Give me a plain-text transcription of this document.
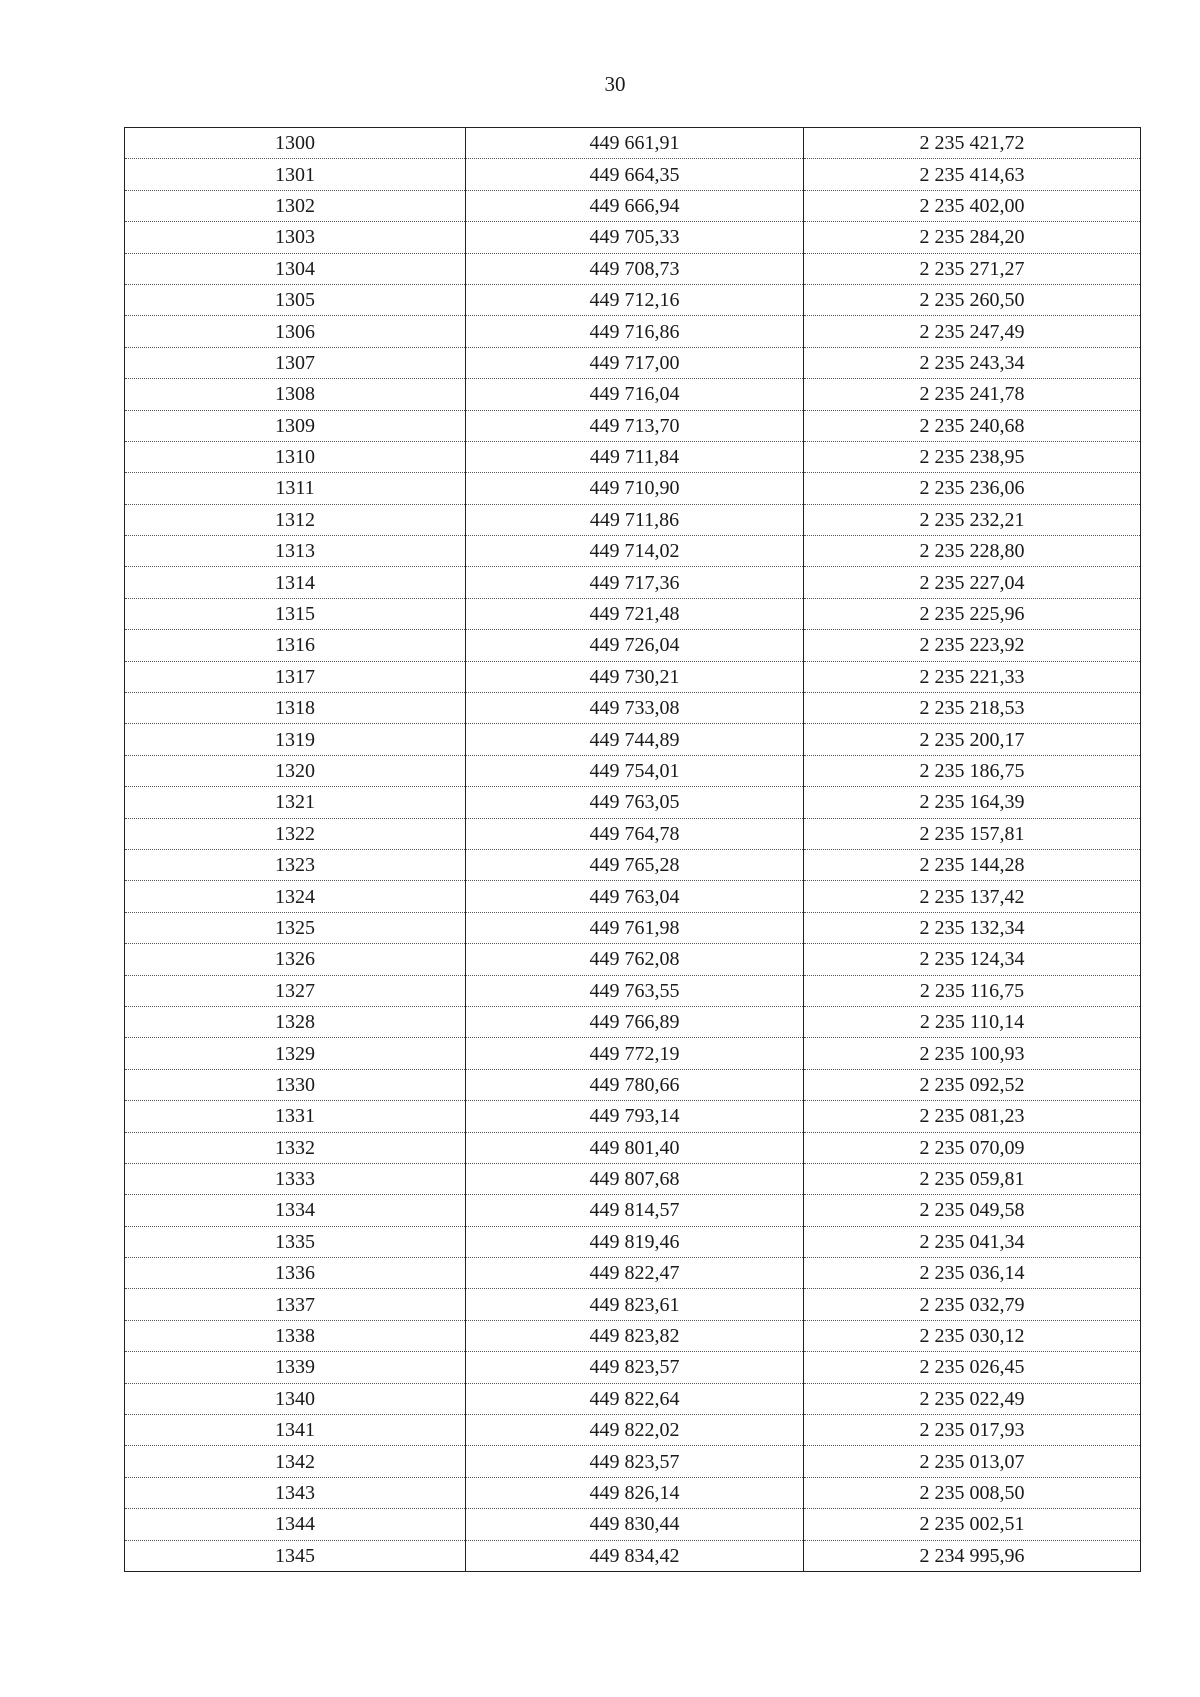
30
1300	449 661,91	2 235 421,72
1301	449 664,35	2 235 414,63
1302	449 666,94	2 235 402,00
1303	449 705,33	2 235 284,20
1304	449 708,73	2 235 271,27
1305	449 712,16	2 235 260,50
1306	449 716,86	2 235 247,49
1307	449 717,00	2 235 243,34
1308	449 716,04	2 235 241,78
1309	449 713,70	2 235 240,68
1310	449 711,84	2 235 238,95
1311	449 710,90	2 235 236,06
1312	449 711,86	2 235 232,21
1313	449 714,02	2 235 228,80
1314	449 717,36	2 235 227,04
1315	449 721,48	2 235 225,96
1316	449 726,04	2 235 223,92
1317	449 730,21	2 235 221,33
1318	449 733,08	2 235 218,53
1319	449 744,89	2 235 200,17
1320	449 754,01	2 235 186,75
1321	449 763,05	2 235 164,39
1322	449 764,78	2 235 157,81
1323	449 765,28	2 235 144,28
1324	449 763,04	2 235 137,42
1325	449 761,98	2 235 132,34
1326	449 762,08	2 235 124,34
1327	449 763,55	2 235 116,75
1328	449 766,89	2 235 110,14
1329	449 772,19	2 235 100,93
1330	449 780,66	2 235 092,52
1331	449 793,14	2 235 081,23
1332	449 801,40	2 235 070,09
1333	449 807,68	2 235 059,81
1334	449 814,57	2 235 049,58
1335	449 819,46	2 235 041,34
1336	449 822,47	2 235 036,14
1337	449 823,61	2 235 032,79
1338	449 823,82	2 235 030,12
1339	449 823,57	2 235 026,45
1340	449 822,64	2 235 022,49
1341	449 822,02	2 235 017,93
1342	449 823,57	2 235 013,07
1343	449 826,14	2 235 008,50
1344	449 830,44	2 235 002,51
1345	449 834,42	2 234 995,96
